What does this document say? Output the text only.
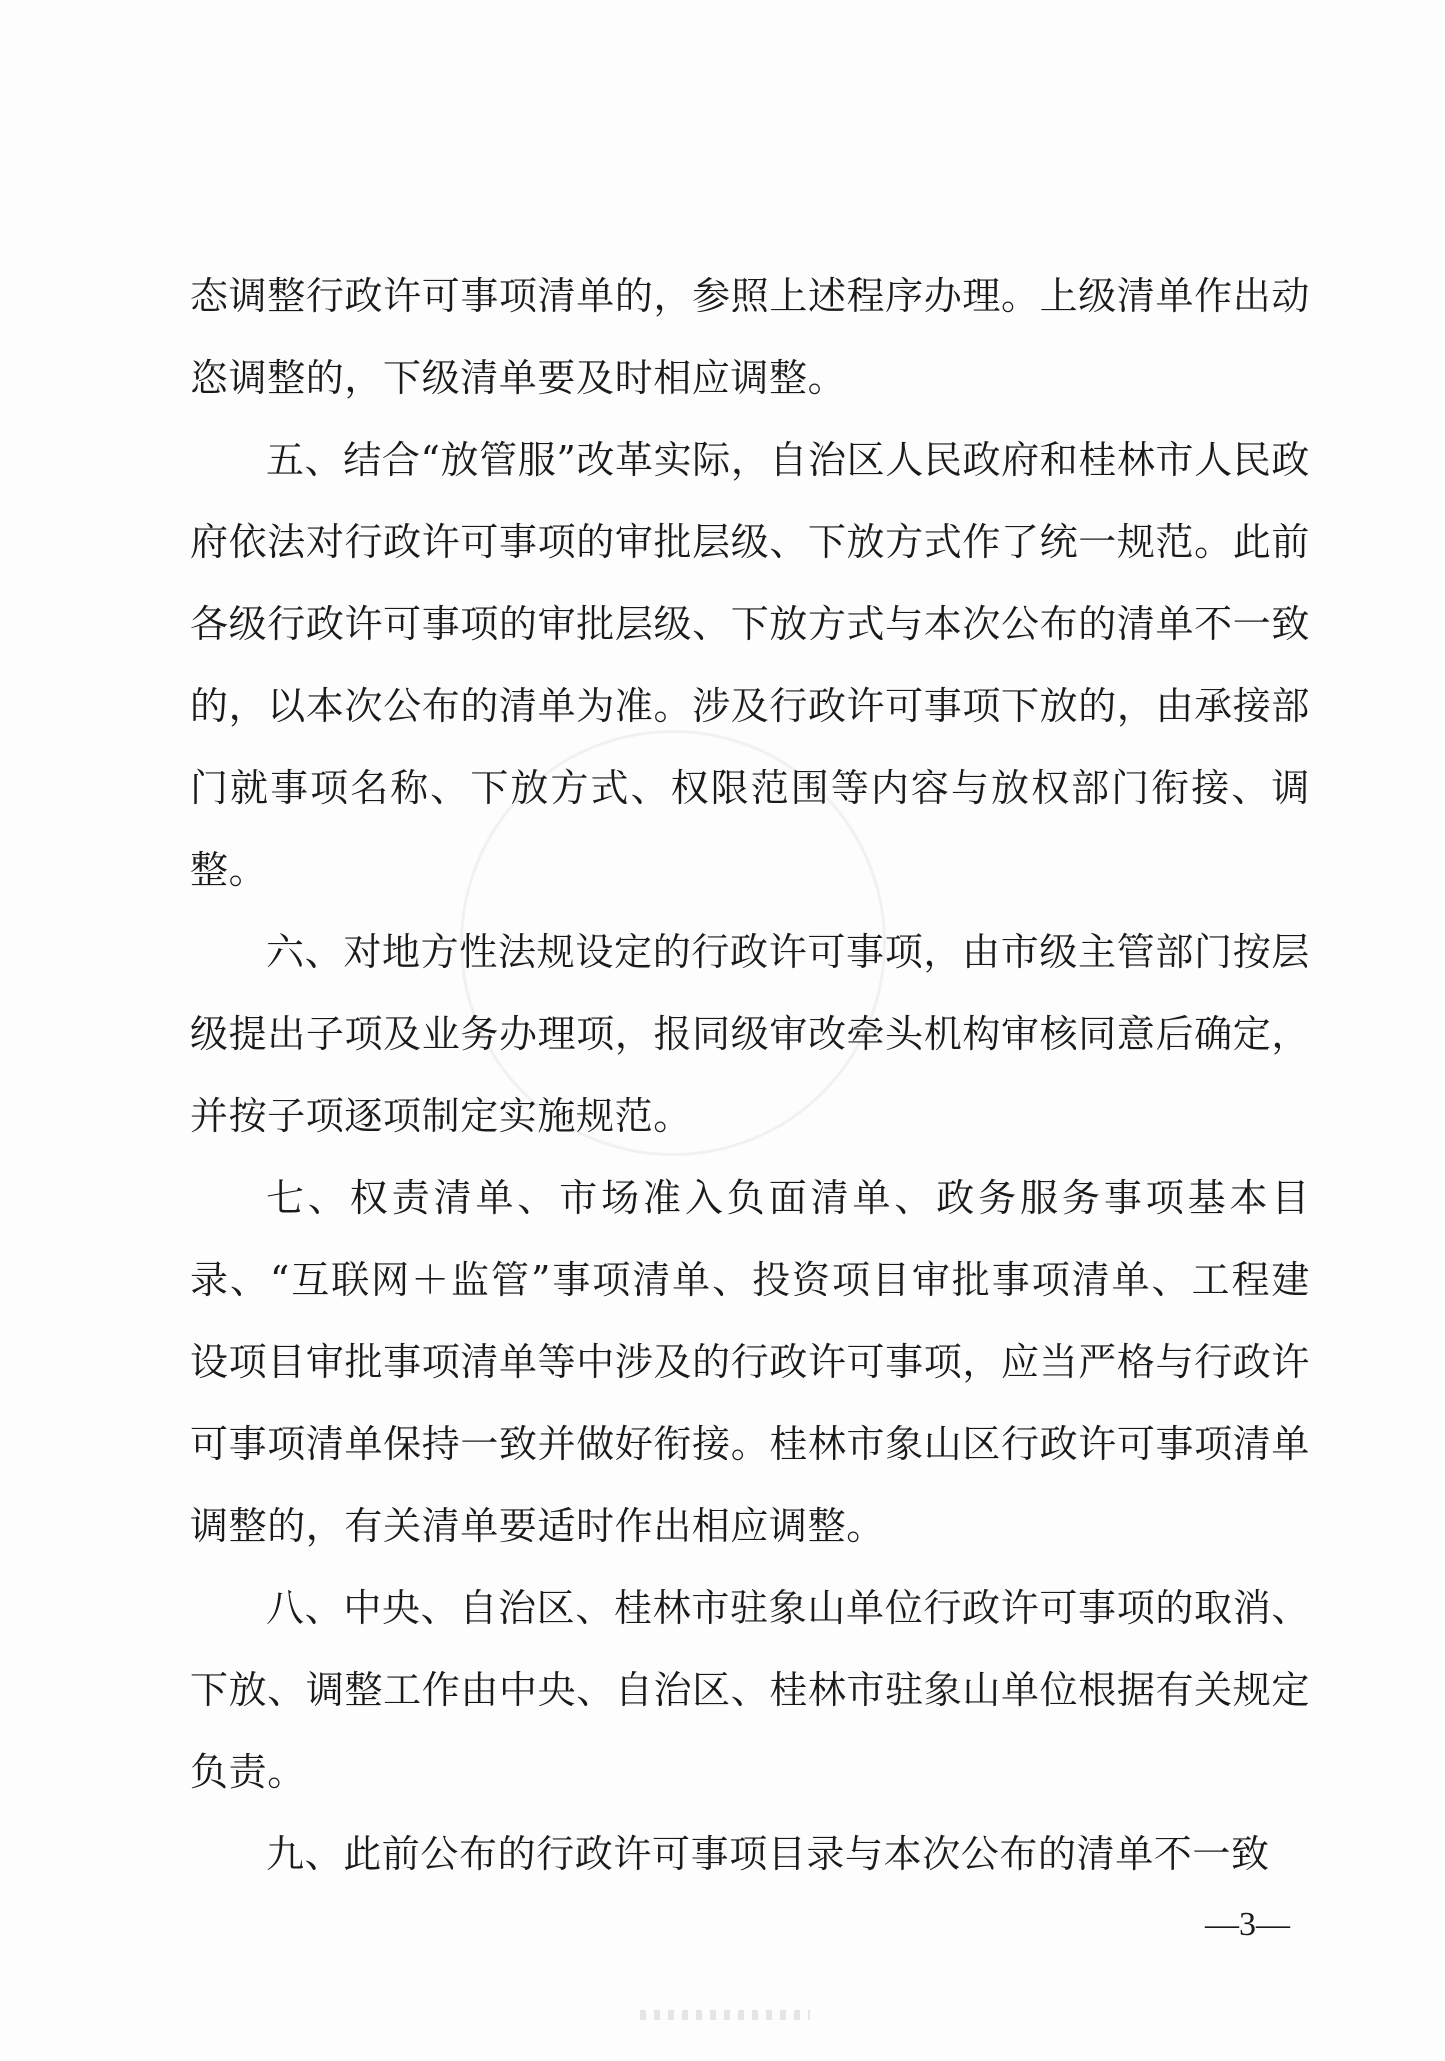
态调整行政许可事项清单的，参照上述程序办理。上级清单作出动恣调整的，下级清单要及时相应调整。

五、结合“放管服”改革实际，自治区人民政府和桂林市人民政府依法对行政许可事项的审批层级、下放方式作了统一规范。此前各级行政许可事项的审批层级、下放方式与本次公布的清单不一致的，以本次公布的清单为准。涉及行政许可事项下放的，由承接部门就事项名称、下放方式、权限范围等内容与放权部门衔接、调整。

六、对地方性法规设定的行政许可事项，由市级主管部门按层级提出子项及业务办理项，报同级审改牵头机构审核同意后确定，并按子项逐项制定实施规范。

七、权责清单、市场准入负面清单、政务服务事项基本目录、“互联网＋监管”事项清单、投资项目审批事项清单、工程建设项目审批事项清单等中涉及的行政许可事项，应当严格与行政许可事项清单保持一致并做好衔接。桂林市象山区行政许可事项清单调整的，有关清单要适时作出相应调整。

八、中央、自治区、桂林市驻象山单位行政许可事项的取消、下放、调整工作由中央、自治区、桂林市驻象山单位根据有关规定负责。

九、此前公布的行政许可事项目录与本次公布的清单不一致

—3—
